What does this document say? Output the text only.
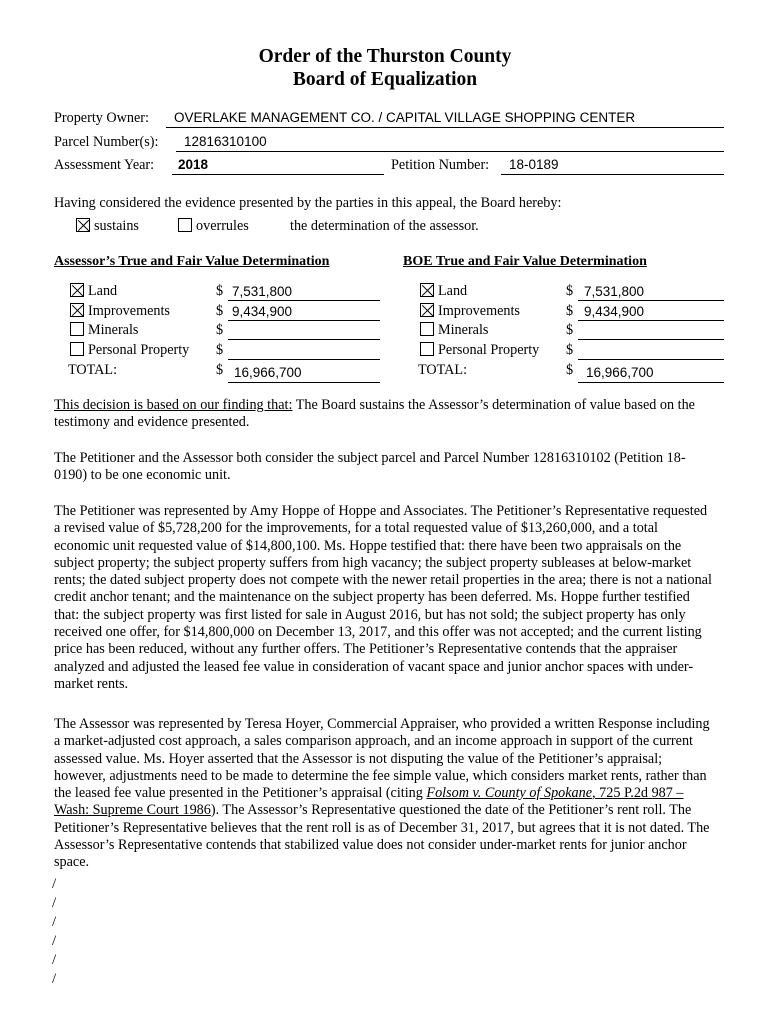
Order of the Thurston County
Board of Equalization
Property Owner: OVERLAKE MANAGEMENT CO. / CAPITAL VILLAGE SHOPPING CENTER
Parcel Number(s): 12816310100
Assessment Year: 2018	Petition Number: 18-0189
Having considered the evidence presented by the parties in this appeal, the Board hereby:
sustains	overrules	the determination of the assessor.
Assessor’s True and Fair Value Determination	BOE True and Fair Value Determination
Land	$ 7,531,800
Improvements	$ 9,434,900
Minerals	$
Personal Property $
TOTAL:	$ 16,966,700
Land	$ 7,531,800
Improvements	$ 9,434,900
Minerals	$
Personal Property $
TOTAL:	$ 16,966,700

This decision is based on our finding that: The Board sustains the Assessor’s determination of value based on the testimony and evidence presented.

The Petitioner and the Assessor both consider the subject parcel and Parcel Number 12816310102 (Petition 18-0190) to be one economic unit.
The Petitioner was represented by Amy Hoppe of Hoppe and Associates. The Petitioner’s Representative requested a revised value of $5,728,200 for the improvements, for a total requested value of $13,260,000, and a total economic unit requested value of $14,800,100. Ms. Hoppe testified that: there have been two appraisals on the subject property; the subject property suffers from high vacancy; the subject property subleases at below-market rents; the dated subject property does not compete with the newer retail properties in the area; there is not a national credit anchor tenant; and the maintenance on the subject property has been deferred. Ms. Hoppe further testified that: the subject property was first listed for sale in August 2016, but has not sold; the subject property has only received one offer, for $14,800,000 on December 13, 2017, and this offer was not accepted; and the current listing price has been reduced, without any further offers. The Petitioner’s Representative contends that the appraiser analyzed and adjusted the leased fee value in consideration of vacant space and junior anchor spaces with under-market rents.

The Assessor was represented by Teresa Hoyer, Commercial Appraiser, who provided a written Response including a market-adjusted cost approach, a sales comparison approach, and an income approach in support of the current assessed value. Ms. Hoyer asserted that the Assessor is not disputing the value of the Petitioner’s appraisal; however, adjustments need to be made to determine the fee simple value, which considers market rents, rather than the leased fee value presented in the Petitioner’s appraisal (citing Folsom v. County of Spokane, 725 P.2d 987 – Wash: Supreme Court 1986). The Assessor’s Representative questioned the date of the Petitioner’s rent roll. The Petitioner’s Representative believes that the rent roll is as of December 31, 2017, but agrees that it is not dated. The Assessor’s Representative contends that stabilized value does not consider under-market rents for junior anchor space.

/
/
/
/
/
/
